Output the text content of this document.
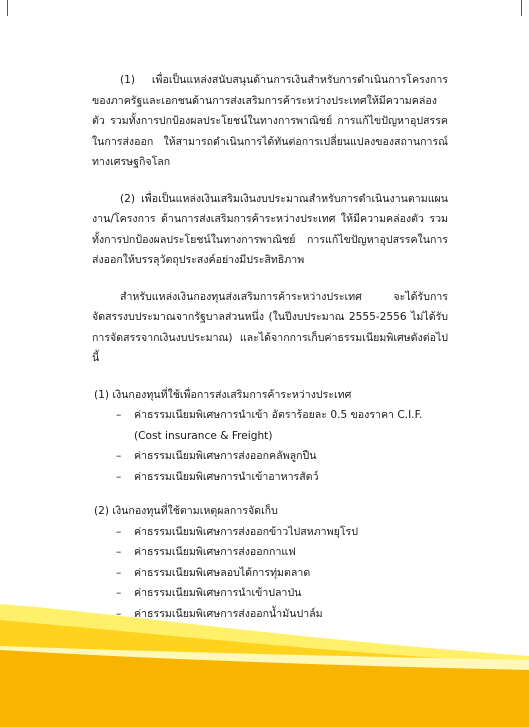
(1) เพื่อเป็นแหล่งสนับสนุนด้านการเงินสำหรับการดำเนินการโครงการของภาครัฐและเอกชนด้านการส่งเสริมการค้าระหว่างประเทศให้มีความคล่องตัว รวมทั้งการปกป้องผลประโยชน์ในทางการพาณิชย์ การแก้ไขปัญหาอุปสรรคในการส่งออก ให้สามารถดำเนินการได้ทันต่อการเปลี่ยนแปลงของสถานการณ์ทางเศรษฐกิจโลก

(2) เพื่อเป็นแหล่งเงินเสริมเงินงบประมาณสำหรับการดำเนินงานตามแผนงาน/โครงการ ด้านการส่งเสริมการค้าระหว่างประเทศ ให้มีความคล่องตัว รวมทั้งการปกป้องผลประโยชน์ในทางการพาณิชย์ การแก้ไขปัญหาอุปสรรคในการส่งออกให้บรรลุวัตถุประสงค์อย่างมีประสิทธิภาพ

สำหรับแหล่งเงินกองทุนส่งเสริมการค้าระหว่างประเทศ จะได้รับการจัดสรรงบประมาณจากรัฐบาลส่วนหนึ่ง (ในปีงบประมาณ 2555-2556 ไม่ได้รับการจัดสรรจากเงินงบประมาณ) และได้จากการเก็บค่าธรรมเนียมพิเศษดังต่อไปนี้

(1) เงินกองทุนที่ใช้เพื่อการส่งเสริมการค้าระหว่างประเทศ
– ค่าธรรมเนียมพิเศษการนำเข้า อัตราร้อยละ 0.5 ของราคา C.I.F. (Cost insurance & Freight)
– ค่าธรรมเนียมพิเศษการส่งออกคลัพลูกปืน
– ค่าธรรมเนียมพิเศษการนำเข้าอาหารสัตว์
(2) เงินกองทุนที่ใช้ตามเหตุผลการจัดเก็บ
– ค่าธรรมเนียมพิเศษการส่งออกข้าวไปสหภาพยุโรป
– ค่าธรรมเนียมพิเศษการส่งออกกาแฟ
– ค่าธรรมเนียมพิเศษลอบได้การทุ่มตลาด
– ค่าธรรมเนียมพิเศษการนำเข้าปลาป่น
– ค่าธรรมเนียมพิเศษการส่งออกน้ำมันปาล์ม
